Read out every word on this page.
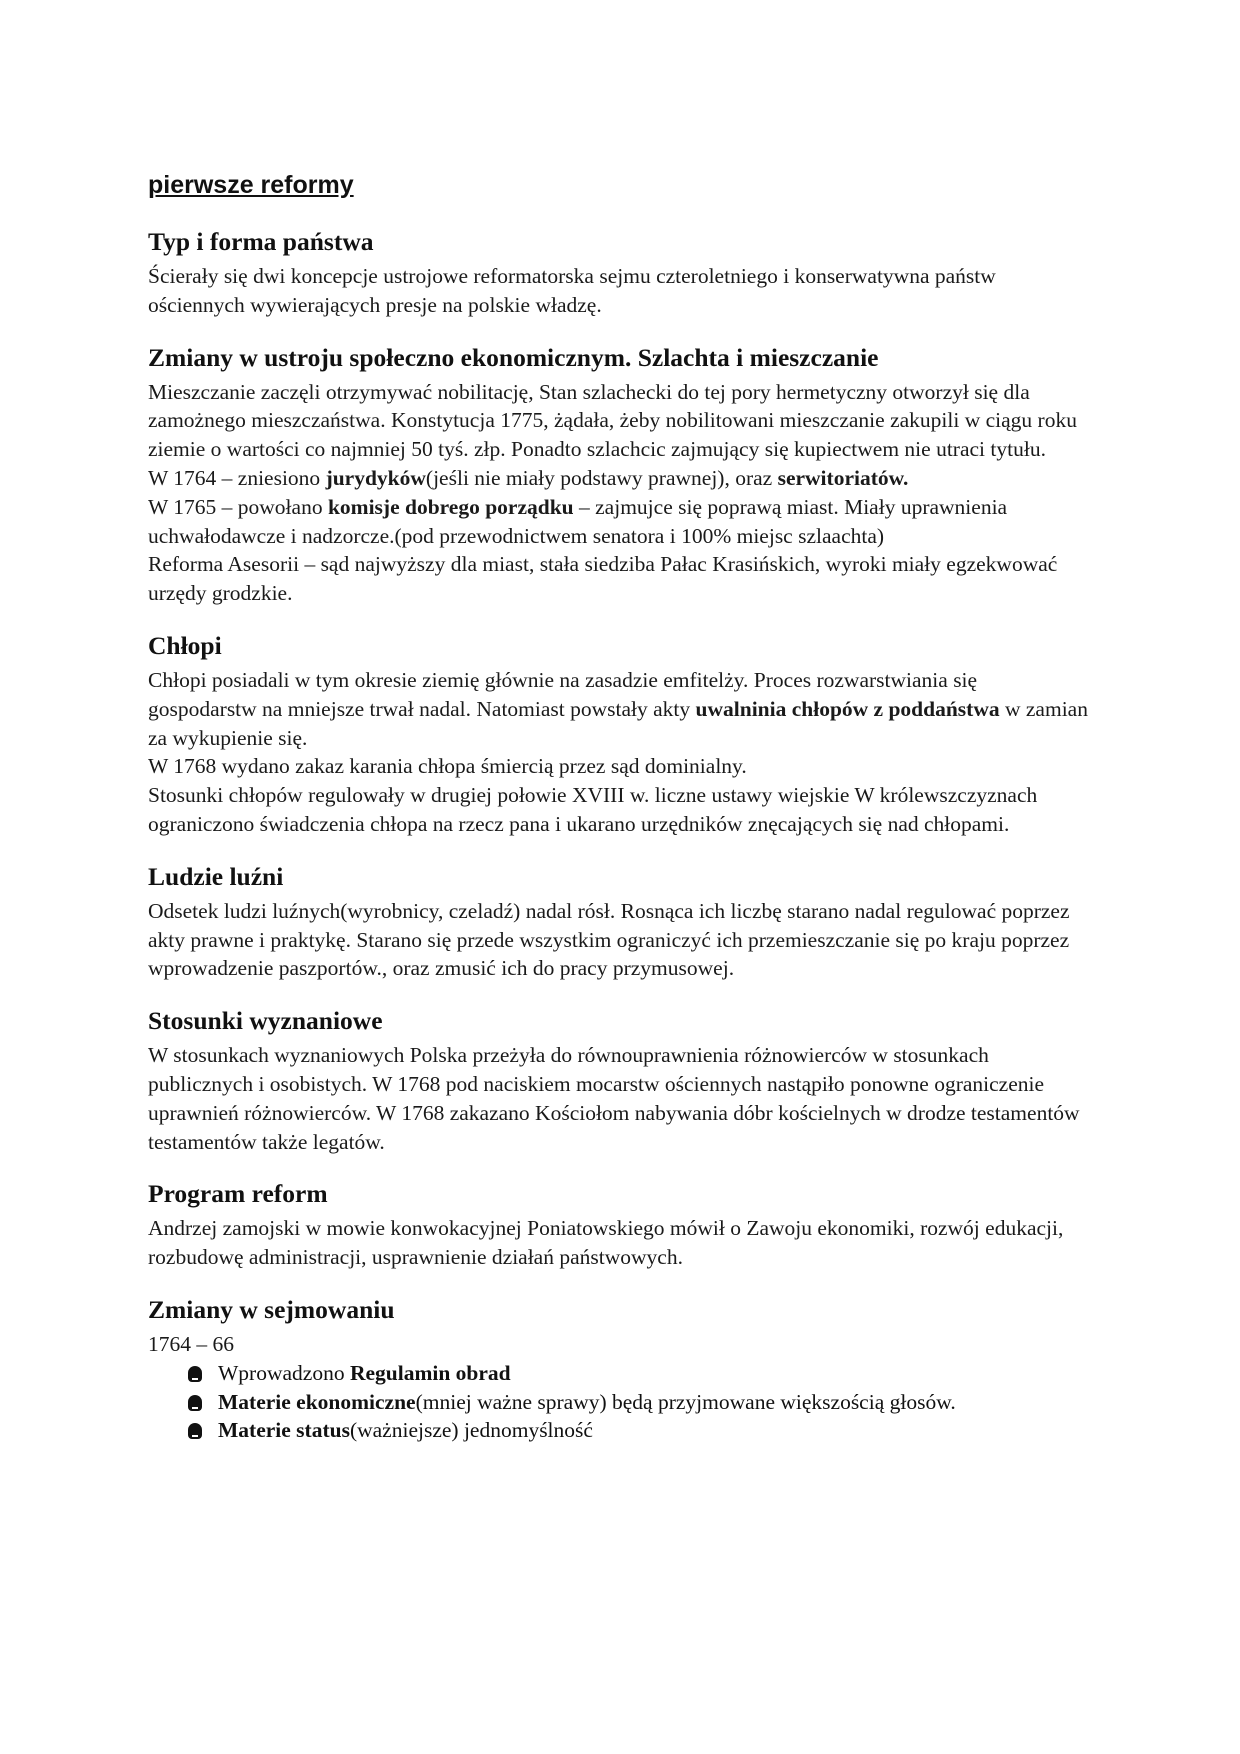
pierwsze reformy
Typ i forma państwa

Ścierały się dwi koncepcje ustrojowe reformatorska sejmu czteroletniego i konserwatywna państw ościennych wywierających presje na polskie władzę.

Zmiany w ustroju społeczno ekonomicznym. Szlachta i mieszczanie

Mieszczanie zaczęli otrzymywać nobilitację, Stan szlachecki do tej pory hermetyczny otworzył się dla zamożnego mieszczaństwa. Konstytucja 1775, żądała, żeby nobilitowani mieszczanie zakupili w ciągu roku ziemie o wartości co najmniej 50 tyś. złp. Ponadto szlachcic zajmujący się kupiectwem nie utraci tytułu.

W 1764 – zniesiono jurydyków(jeśli nie miały podstawy prawnej), oraz serwitoriatów.

W 1765 – powołano komisje dobrego porządku – zajmujce się poprawą miast. Miały uprawnienia uchwałodawcze i nadzorcze.(pod przewodnictwem senatora i 100% miejsc szlaachta)

Reforma Asesorii – sąd najwyższy dla miast, stała siedziba Pałac Krasińskich, wyroki miały egzekwować urzędy grodzkie.

Chłopi

Chłopi posiadali w tym okresie ziemię głównie na zasadzie emfitelży. Proces rozwarstwiania się gospodarstw na mniejsze trwał nadal. Natomiast powstały akty uwalninia chłopów z poddaństwa w zamian za wykupienie się.

W 1768 wydano zakaz karania chłopa śmiercią przez sąd dominialny.

Stosunki chłopów regulowały w drugiej połowie XVIII w. liczne ustawy wiejskie W królewszczyznach ograniczono świadczenia chłopa na rzecz pana i ukarano urzędników znęcających się nad chłopami.

Ludzie luźni

Odsetek ludzi luźnych(wyrobnicy, czeladź) nadal rósł. Rosnąca ich liczbę starano nadal regulować poprzez akty prawne i praktykę. Starano się przede wszystkim ograniczyć ich przemieszczanie się po kraju poprzez wprowadzenie paszportów., oraz zmusić ich do pracy przymusowej.

Stosunki wyznaniowe

W stosunkach wyznaniowych Polska przeżyła do równouprawnienia różnowierców w stosunkach publicznych i osobistych. W 1768 pod naciskiem mocarstw ościennych nastąpiło ponowne ograniczenie uprawnień różnowierców. W 1768 zakazano Kościołom nabywania dóbr kościelnych w drodze testamentów testamentów także legatów.

Program reform

Andrzej zamojski w mowie konwokacyjnej Poniatowskiego mówił o Zawoju ekonomiki, rozwój edukacji, rozbudowę administracji, usprawnienie działań państwowych.

Zmiany w sejmowaniu

1764 – 66

Wprowadzono Regulamin obrad
Materie ekonomiczne(mniej ważne sprawy) będą przyjmowane większością głosów.
Materie status(ważniejsze) jednomyślność
